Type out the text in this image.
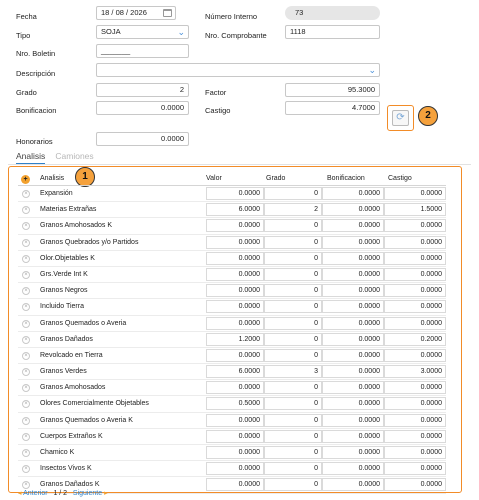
Fecha	18 / 08 / 2026	Número Interno	73
Tipo	SOJA	⌄	Nro. Comprobante	1118
Nro. Boletin	_______
Descripción	⌄
Grado	2	Factor	95.3000
Bonificacion	0.0000	Castigo	4.7000
⟳	2
Honorarios	0.0000
Analisis Camiones
1
+	Analisis	Valor	Grado	Bonificacion	Castigo
×	Expansión	0.0000	0	0.0000	0.0000
×	Materias Extrañas	6.0000	2	0.0000	1.5000
×	Granos Amohosados K	0.0000	0	0.0000	0.0000
×	Granos Quebrados y/o Partidos	0.0000	0	0.0000	0.0000
×	Olor.Objetables K	0.0000	0	0.0000	0.0000
×	Grs.Verde Int K	0.0000	0	0.0000	0.0000
×	Granos Negros	0.0000	0	0.0000	0.0000
×	Incluido Tierra	0.0000	0	0.0000	0.0000
×	Granos Quemados o Averia	0.0000	0	0.0000	0.0000
×	Granos Dañados	1.2000	0	0.0000	0.2000
×	Revolcado en Tierra	0.0000	0	0.0000	0.0000
×	Granos Verdes	6.0000	3	0.0000	3.0000
×	Granos Amohosados	0.0000	0	0.0000	0.0000
×	Olores Comercialmente Objetables	0.5000	0	0.0000	0.0000
×	Granos Quemados o Averia K	0.0000	0	0.0000	0.0000
×	Cuerpos Extraños K	0.0000	0	0.0000	0.0000
×	Chamico K	0.0000	0	0.0000	0.0000
×	Insectos Vivos K	0.0000	0	0.0000	0.0000
×	Granos Dañados K	0.0000	0	0.0000	0.0000
◂ Anterior 1 / 2 Siguiente ▸
